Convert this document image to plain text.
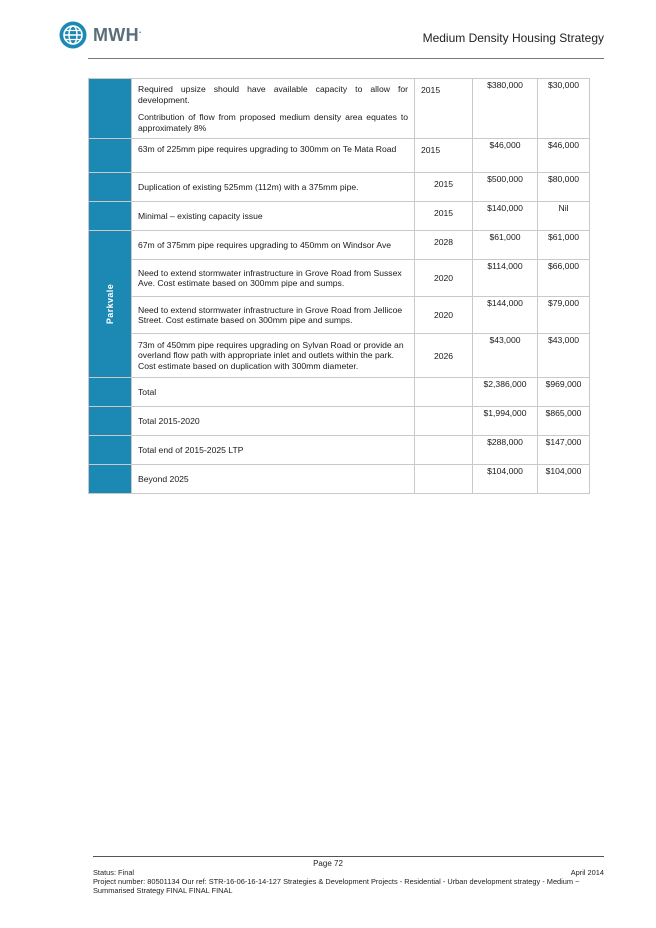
MWH.
Medium Density Housing Strategy

	Required upsize should have available capacity to allow for development.

Contribution of flow from proposed medium density area equates to approximately 8%	2015	$380,000	$30,000

	63m of 225mm pipe requires upgrading to 300mm on Te Mata Road	2015	$46,000	$46,000

	Duplication of existing 525mm (112m) with a 375mm pipe.	2015	$500,000	$80,000

	Minimal – existing capacity issue	2015	$140,000	Nil

Parkvale	67m of 375mm pipe requires upgrading to 450mm on Windsor Ave	2028	$61,000	$61,000

	Need to extend stormwater infrastructure in Grove Road from Sussex Ave. Cost estimate based on 300mm pipe and sumps.	2020	$114,000	$66,000

	Need to extend stormwater infrastructure in Grove Road from Jellicoe Street. Cost estimate based on 300mm pipe and sumps.	2020	$144,000	$79,000

	73m of 450mm pipe requires upgrading on Sylvan Road or provide an overland flow path with appropriate inlet and outlets within the park. Cost estimate based on duplication with 300mm diameter.	2026	$43,000	$43,000
	Total		$2,386,000	$969,000
	Total 2015-2020		$1,994,000	$865,000
	Total end of 2015-2025 LTP		$288,000	$147,000
	Beyond 2025		$104,000	$104,000
Page 72
Status: Final	April 2014
Project number: 80501134 Our ref: STR-16-06-16-14-127 Strategies & Development Projects - Residential - Urban development strategy - Medium ~ Summarised Strategy FINAL FINAL FINAL
